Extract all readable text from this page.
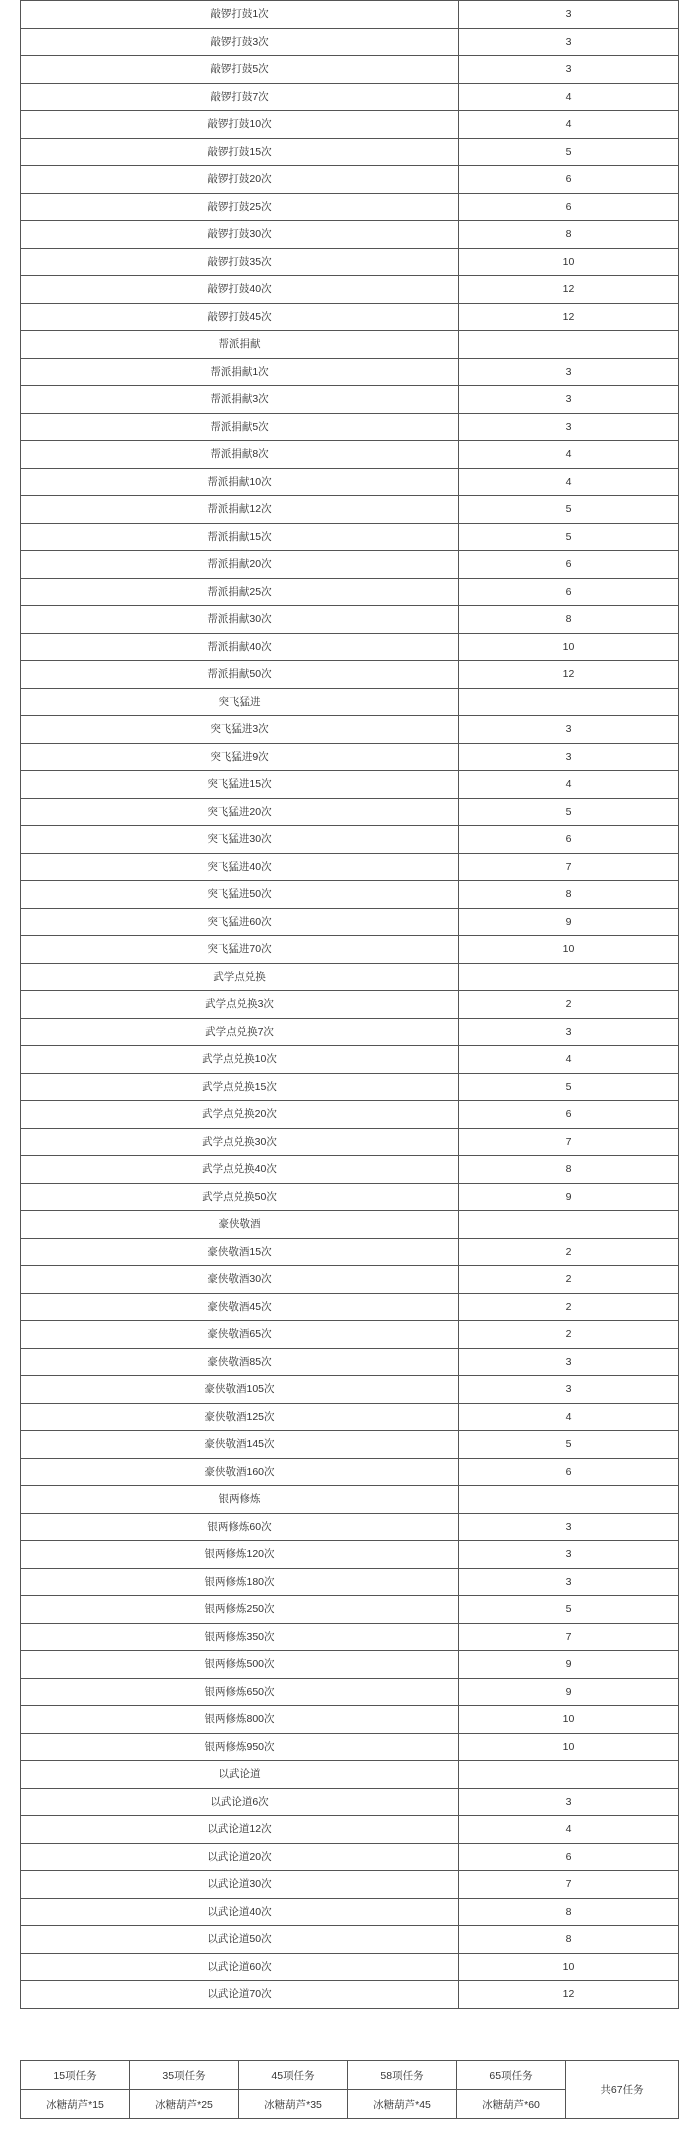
敲锣打鼓1次	3
敲锣打鼓3次	3
敲锣打鼓5次	3
敲锣打鼓7次	4
敲锣打鼓10次	4
敲锣打鼓15次	5
敲锣打鼓20次	6
敲锣打鼓25次	6
敲锣打鼓30次	8
敲锣打鼓35次	10
敲锣打鼓40次	12
敲锣打鼓45次	12
帮派捐献	
帮派捐献1次	3
帮派捐献3次	3
帮派捐献5次	3
帮派捐献8次	4
帮派捐献10次	4
帮派捐献12次	5
帮派捐献15次	5
帮派捐献20次	6
帮派捐献25次	6
帮派捐献30次	8
帮派捐献40次	10
帮派捐献50次	12
突飞猛进	
突飞猛进3次	3
突飞猛进9次	3
突飞猛进15次	4
突飞猛进20次	5
突飞猛进30次	6
突飞猛进40次	7
突飞猛进50次	8
突飞猛进60次	9
突飞猛进70次	10
武学点兑换	
武学点兑换3次	2
武学点兑换7次	3
武学点兑换10次	4
武学点兑换15次	5
武学点兑换20次	6
武学点兑换30次	7
武学点兑换40次	8
武学点兑换50次	9
豪侠敬酒	
豪侠敬酒15次	2
豪侠敬酒30次	2
豪侠敬酒45次	2
豪侠敬酒65次	2
豪侠敬酒85次	3
豪侠敬酒105次	3
豪侠敬酒125次	4
豪侠敬酒145次	5
豪侠敬酒160次	6
银两修炼	
银两修炼60次	3
银两修炼120次	3
银两修炼180次	3
银两修炼250次	5
银两修炼350次	7
银两修炼500次	9
银两修炼650次	9
银两修炼800次	10
银两修炼950次	10
以武论道	
以武论道6次	3
以武论道12次	4
以武论道20次	6
以武论道30次	7
以武论道40次	8
以武论道50次	8
以武论道60次	10
以武论道70次	12
15项任务	35项任务	45项任务	58项任务	65项任务	共67任务
冰糖葫芦*15	冰糖葫芦*25	冰糖葫芦*35	冰糖葫芦*45	冰糖葫芦*60	
